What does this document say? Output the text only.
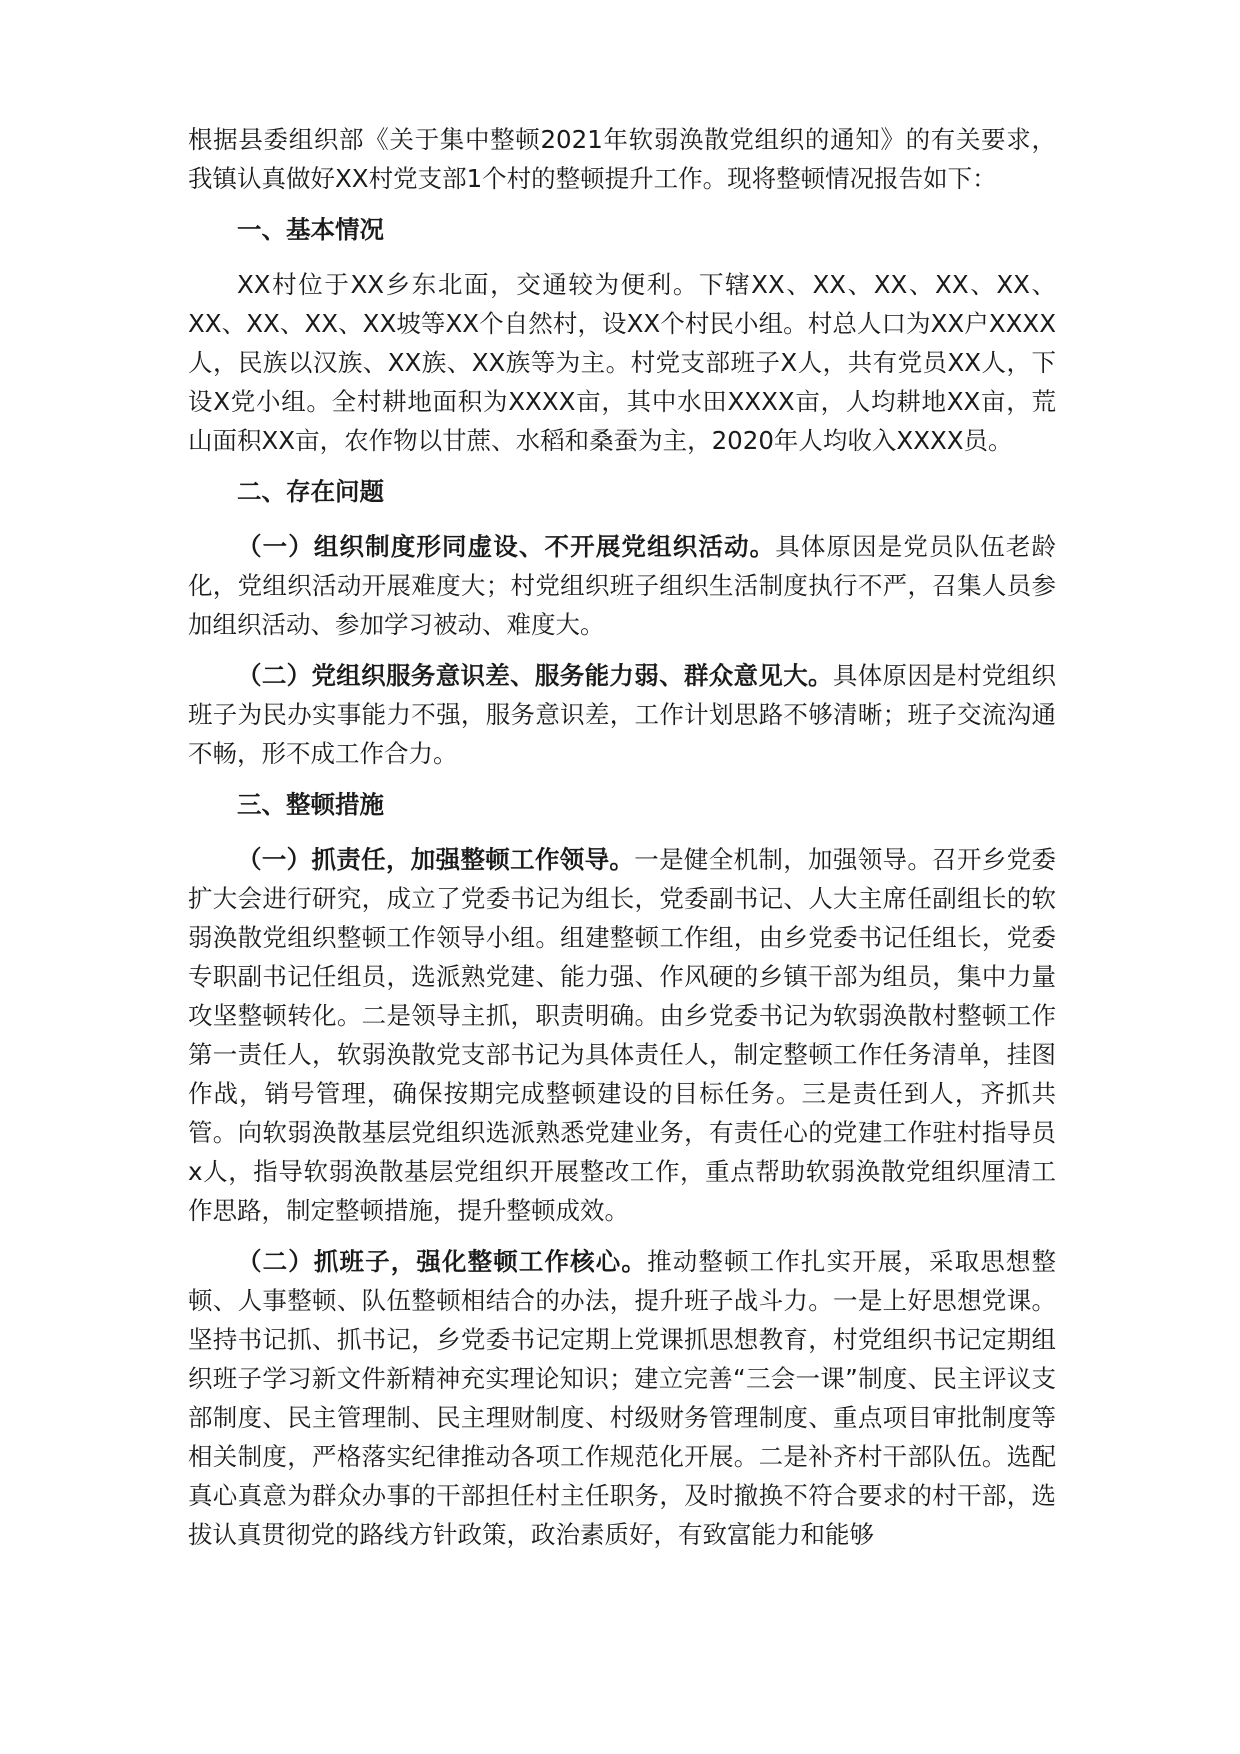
根据县委组织部《关于集中整顿2021年软弱涣散党组织的通知》的有关要求，我镇认真做好XX村党支部1个村的整顿提升工作。现将整顿情况报告如下：

一、基本情况

XX村位于XX乡东北面，交通较为便利。下辖XX、XX、XX、XX、XX、XX、XX、XX、XX坡等XX个自然村，设XX个村民小组。村总人口为XX户XXXX人，民族以汉族、XX族、XX族等为主。村党支部班子X人，共有党员XX人，下设X党小组。全村耕地面积为XXXX亩，其中水田XXXX亩，人均耕地XX亩，荒山面积XX亩，农作物以甘蔗、水稻和桑蚕为主，2020年人均收入XXXX员。

二、存在问题

（一）组织制度形同虚设、不开展党组织活动。具体原因是党员队伍老龄化，党组织活动开展难度大；村党组织班子组织生活制度执行不严，召集人员参加组织活动、参加学习被动、难度大。

（二）党组织服务意识差、服务能力弱、群众意见大。具体原因是村党组织班子为民办实事能力不强，服务意识差，工作计划思路不够清晰；班子交流沟通不畅，形不成工作合力。

三、整顿措施

（一）抓责任，加强整顿工作领导。一是健全机制，加强领导。召开乡党委扩大会进行研究，成立了党委书记为组长，党委副书记、人大主席任副组长的软弱涣散党组织整顿工作领导小组。组建整顿工作组，由乡党委书记任组长，党委专职副书记任组员，选派熟党建、能力强、作风硬的乡镇干部为组员，集中力量攻坚整顿转化。二是领导主抓，职责明确。由乡党委书记为软弱涣散村整顿工作第一责任人，软弱涣散党支部书记为具体责任人，制定整顿工作任务清单，挂图作战，销号管理，确保按期完成整顿建设的目标任务。三是责任到人，齐抓共管。向软弱涣散基层党组织选派熟悉党建业务，有责任心的党建工作驻村指导员x人，指导软弱涣散基层党组织开展整改工作，重点帮助软弱涣散党组织厘清工作思路，制定整顿措施，提升整顿成效。

（二）抓班子，强化整顿工作核心。推动整顿工作扎实开展，采取思想整顿、人事整顿、队伍整顿相结合的办法，提升班子战斗力。一是上好思想党课。坚持书记抓、抓书记，乡党委书记定期上党课抓思想教育，村党组织书记定期组织班子学习新文件新精神充实理论知识；建立完善“三会一课”制度、民主评议支部制度、民主管理制、民主理财制度、村级财务管理制度、重点项目审批制度等相关制度，严格落实纪律推动各项工作规范化开展。二是补齐村干部队伍。选配真心真意为群众办事的干部担任村主任职务，及时撤换不符合要求的村干部，选拔认真贯彻党的路线方针政策，政治素质好，有致富能力和能够
